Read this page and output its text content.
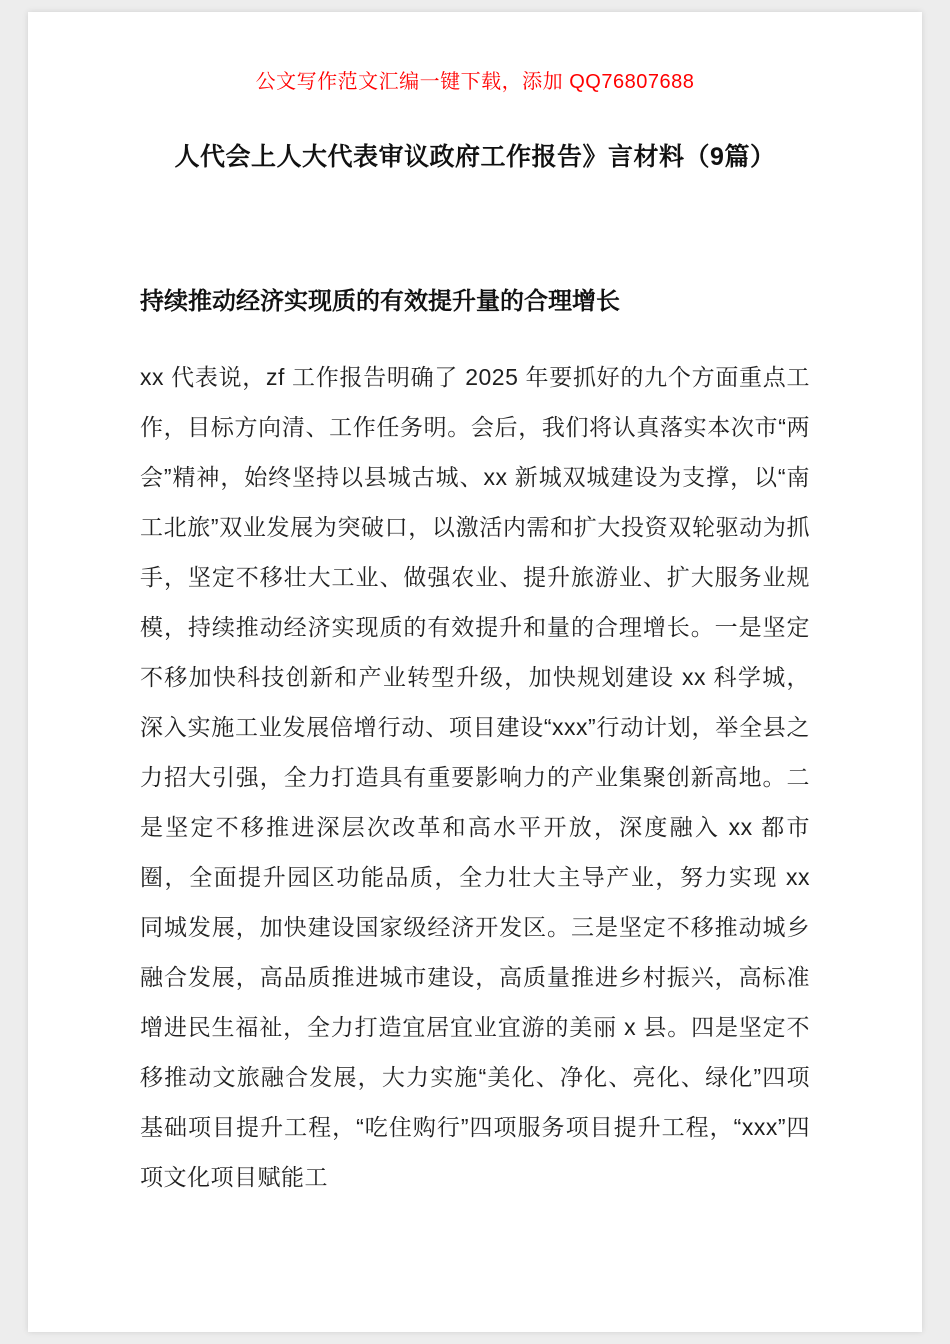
公文写作范文汇编一键下载，添加 QQ76807688
人代会上人大代表审议政府工作报告》言材料（9篇）
持续推动经济实现质的有效提升量的合理增长

xx 代表说，zf 工作报告明确了 2025 年要抓好的九个方面重点工作，目标方向清、工作任务明。会后，我们将认真落实本次市“两会”精神，始终坚持以县城古城、xx 新城双城建设为支撑，以“南工北旅”双业发展为突破口，以激活内需和扩大投资双轮驱动为抓手，坚定不移壮大工业、做强农业、提升旅游业、扩大服务业规模，持续推动经济实现质的有效提升和量的合理增长。一是坚定不移加快科技创新和产业转型升级，加快规划建设 xx 科学城，深入实施工业发展倍增行动、项目建设“xxx”行动计划，举全县之力招大引强，全力打造具有重要影响力的产业集聚创新高地。二是坚定不移推进深层次改革和高水平开放，深度融入 xx 都市圈，全面提升园区功能品质，全力壮大主导产业，努力实现 xx 同城发展，加快建设国家级经济开发区。三是坚定不移推动城乡融合发展，高品质推进城市建设，高质量推进乡村振兴，高标准增进民生福祉，全力打造宜居宜业宜游的美丽 x 县。四是坚定不移推动文旅融合发展，大力实施“美化、净化、亮化、绿化”四项基础项目提升工程，“吃住购行”四项服务项目提升工程，“xxx”四项文化项目赋能工
